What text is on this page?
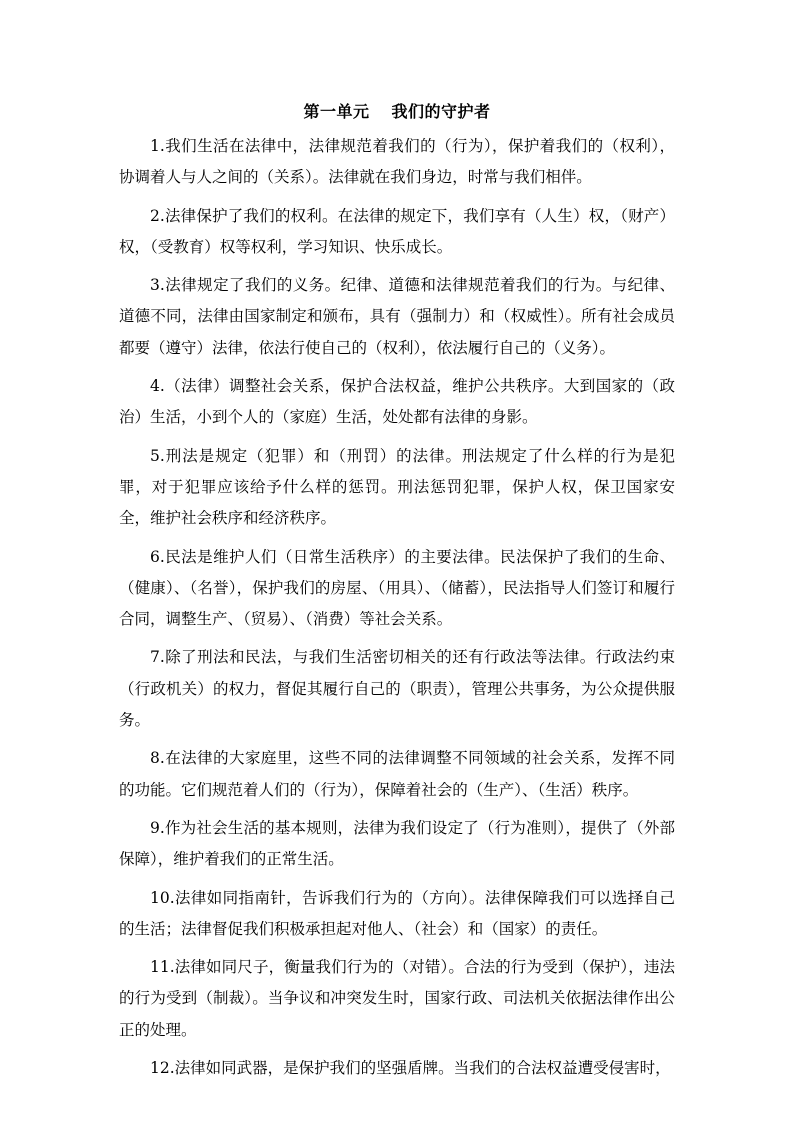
第一单元 我们的守护者

1.我们生活在法律中，法律规范着我们的（行为），保护着我们的（权利），协调着人与人之间的（关系）。法律就在我们身边，时常与我们相伴。

2.法律保护了我们的权利。在法律的规定下，我们享有（人生）权，（财产）权，（受教育）权等权利，学习知识、快乐成长。

3.法律规定了我们的义务。纪律、道德和法律规范着我们的行为。与纪律、道德不同，法律由国家制定和颁布，具有（强制力）和（权威性）。所有社会成员都要（遵守）法律，依法行使自己的（权利），依法履行自己的（义务）。

4.（法律）调整社会关系，保护合法权益，维护公共秩序。大到国家的（政治）生活，小到个人的（家庭）生活，处处都有法律的身影。

5.刑法是规定（犯罪）和（刑罚）的法律。刑法规定了什么样的行为是犯罪，对于犯罪应该给予什么样的惩罚。刑法惩罚犯罪，保护人权，保卫国家安全，维护社会秩序和经济秩序。

6.民法是维护人们（日常生活秩序）的主要法律。民法保护了我们的生命、（健康）、（名誉），保护我们的房屋、（用具）、（储蓄），民法指导人们签订和履行合同，调整生产、（贸易）、（消费）等社会关系。

7.除了刑法和民法，与我们生活密切相关的还有行政法等法律。行政法约束（行政机关）的权力，督促其履行自己的（职责），管理公共事务，为公众提供服务。

8.在法律的大家庭里，这些不同的法律调整不同领域的社会关系，发挥不同的功能。它们规范着人们的（行为），保障着社会的（生产）、（生活）秩序。

9.作为社会生活的基本规则，法律为我们设定了（行为准则），提供了（外部保障），维护着我们的正常生活。

10.法律如同指南针，告诉我们行为的（方向）。法律保障我们可以选择自己的生活；法律督促我们积极承担起对他人、（社会）和（国家）的责任。

11.法律如同尺子，衡量我们行为的（对错）。合法的行为受到（保护），违法的行为受到（制裁）。当争议和冲突发生时，国家行政、司法机关依据法律作出公正的处理。

12.法律如同武器，是保护我们的坚强盾牌。当我们的合法权益遭受侵害时，
